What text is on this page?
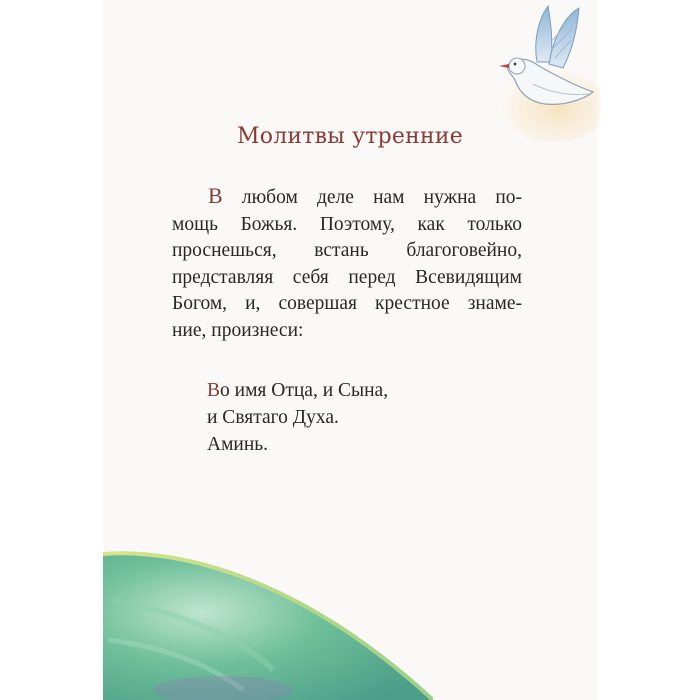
Молитвы утренние

В любом деле нам нужна по-
мощь Божья. Поэтому, как только
проснешься, встань благоговейно,
представляя себя перед Всевидящим
Богом, и, совершая крестное знаме-
ние, произнеси:

Во имя Отца, и Сына,
и Святаго Духа.
Аминь.
